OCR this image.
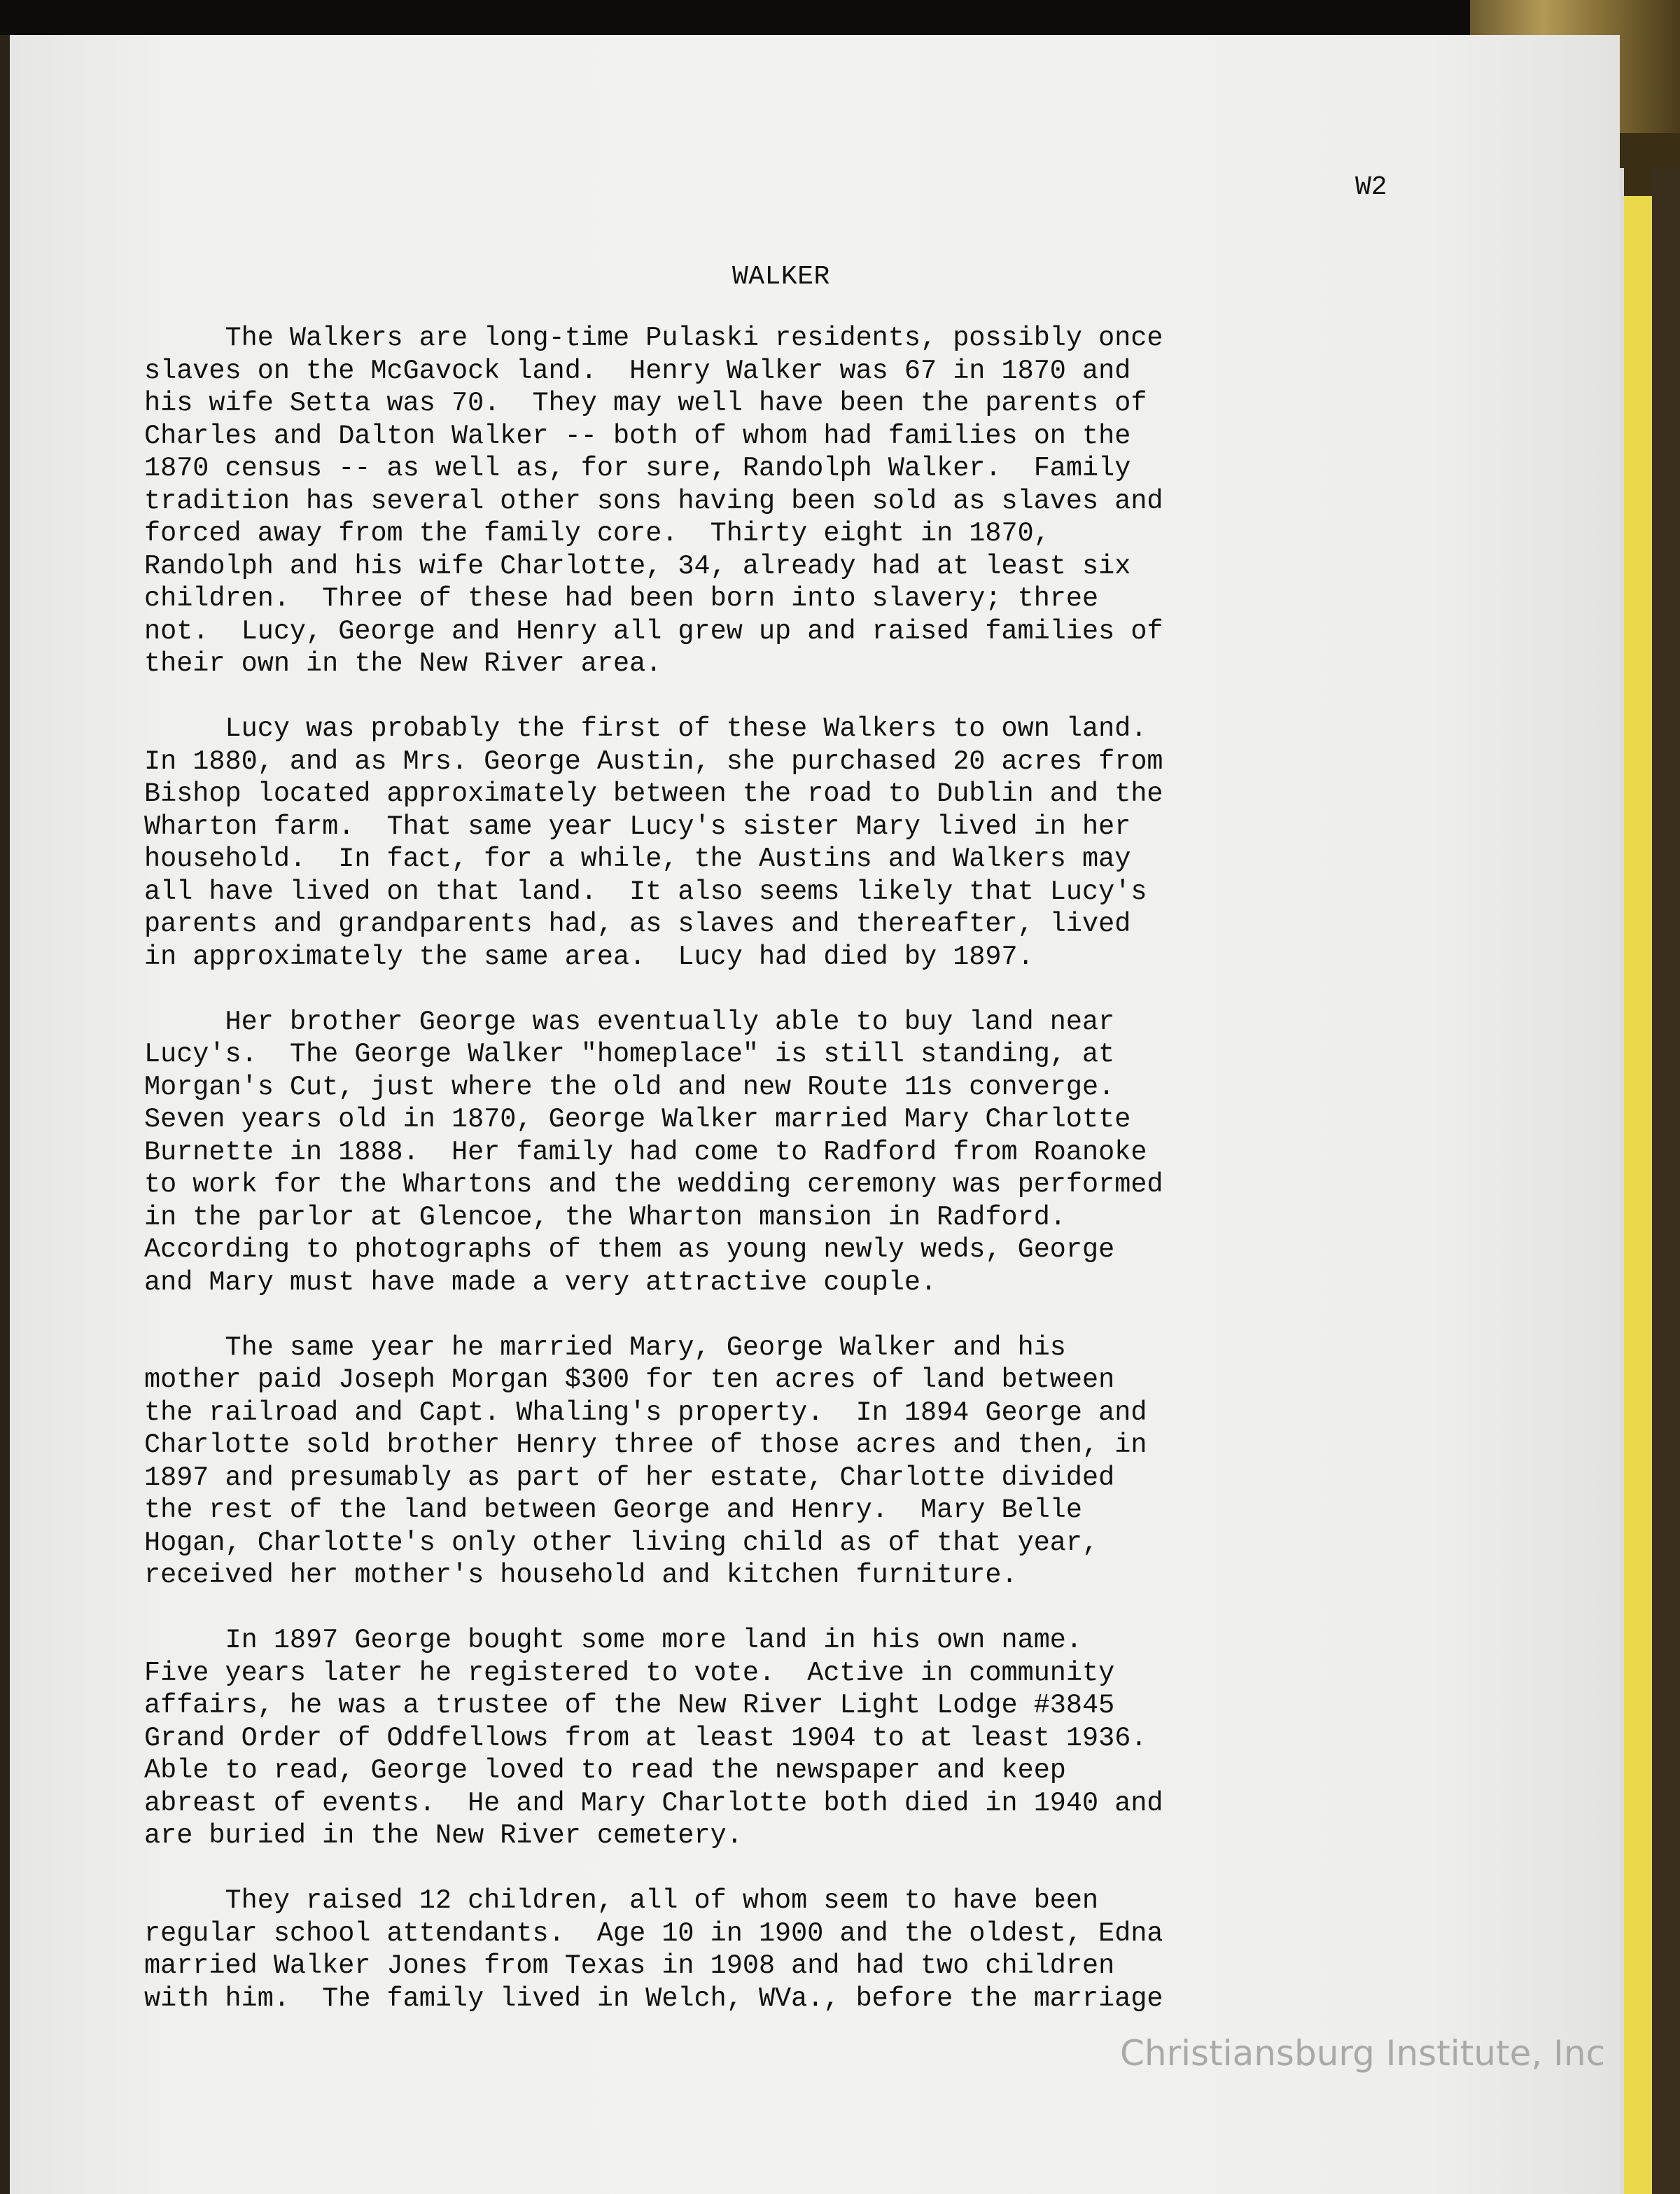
W2
WALKER
The Walkers are long-time Pulaski residents, possibly once
slaves on the McGavock land.  Henry Walker was 67 in 1870 and
his wife Setta was 70.  They may well have been the parents of
Charles and Dalton Walker -- both of whom had families on the
1870 census -- as well as, for sure, Randolph Walker.  Family
tradition has several other sons having been sold as slaves and
forced away from the family core.  Thirty eight in 1870,
Randolph and his wife Charlotte, 34, already had at least six
children.  Three of these had been born into slavery; three
not.  Lucy, George and Henry all grew up and raised families of
their own in the New River area.
Lucy was probably the first of these Walkers to own land.
In 1880, and as Mrs. George Austin, she purchased 20 acres from
Bishop located approximately between the road to Dublin and the
Wharton farm.  That same year Lucy's sister Mary lived in her
household.  In fact, for a while, the Austins and Walkers may
all have lived on that land.  It also seems likely that Lucy's
parents and grandparents had, as slaves and thereafter, lived
in approximately the same area.  Lucy had died by 1897.
Her brother George was eventually able to buy land near
Lucy's.  The George Walker "homeplace" is still standing, at
Morgan's Cut, just where the old and new Route 11s converge.
Seven years old in 1870, George Walker married Mary Charlotte
Burnette in 1888.  Her family had come to Radford from Roanoke
to work for the Whartons and the wedding ceremony was performed
in the parlor at Glencoe, the Wharton mansion in Radford.
According to photographs of them as young newly weds, George
and Mary must have made a very attractive couple.
The same year he married Mary, George Walker and his
mother paid Joseph Morgan $300 for ten acres of land between
the railroad and Capt. Whaling's property.  In 1894 George and
Charlotte sold brother Henry three of those acres and then, in
1897 and presumably as part of her estate, Charlotte divided
the rest of the land between George and Henry.  Mary Belle
Hogan, Charlotte's only other living child as of that year,
received her mother's household and kitchen furniture.
In 1897 George bought some more land in his own name.
Five years later he registered to vote.  Active in community
affairs, he was a trustee of the New River Light Lodge #3845
Grand Order of Oddfellows from at least 1904 to at least 1936.
Able to read, George loved to read the newspaper and keep
abreast of events.  He and Mary Charlotte both died in 1940 and
are buried in the New River cemetery.
They raised 12 children, all of whom seem to have been
regular school attendants.  Age 10 in 1900 and the oldest, Edna
married Walker Jones from Texas in 1908 and had two children
with him.  The family lived in Welch, WVa., before the marriage
Christiansburg Institute, Inc
